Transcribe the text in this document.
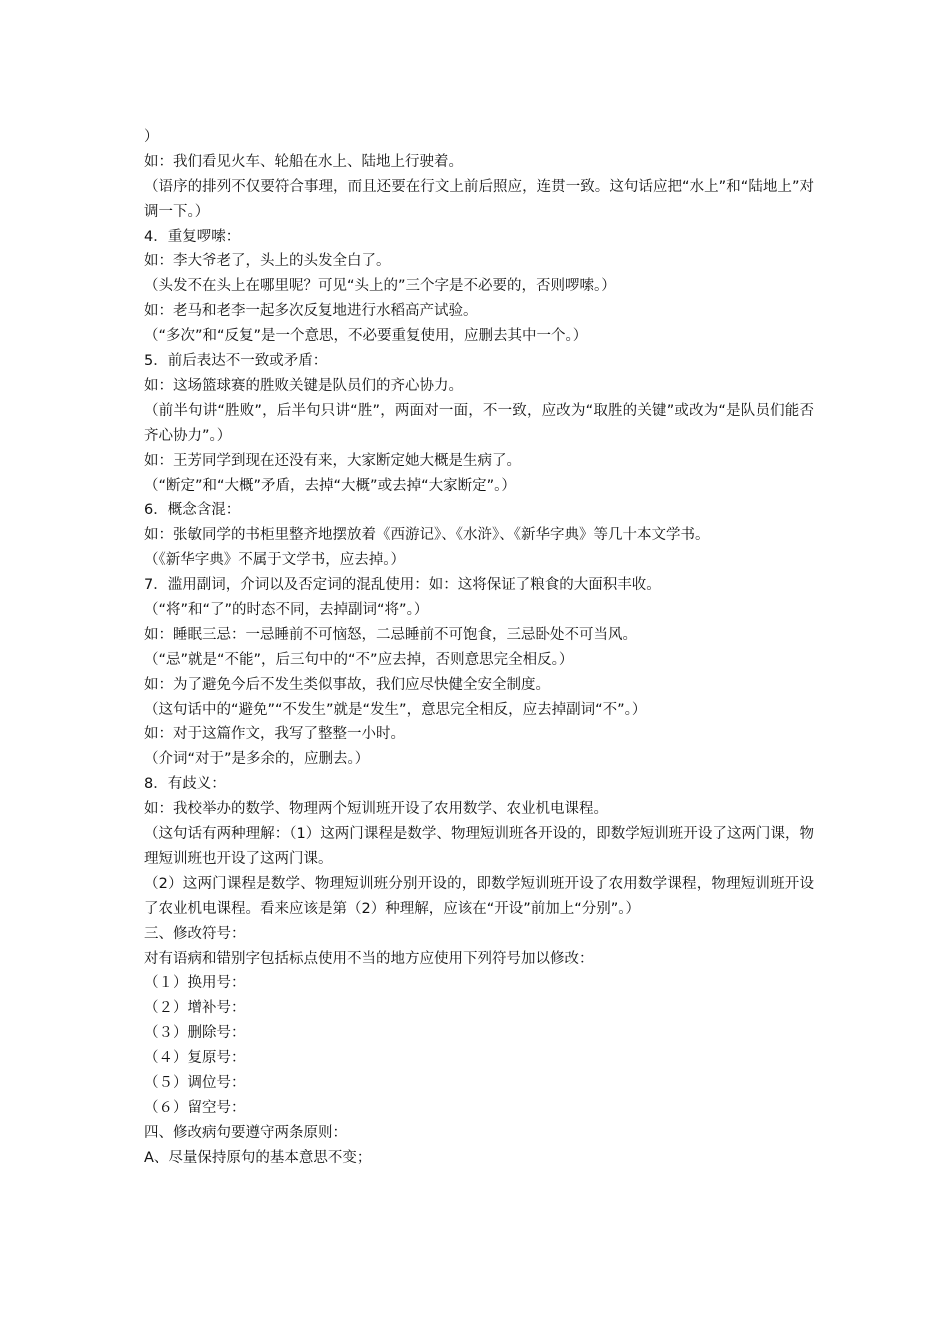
）
如：我们看见火车、轮船在水上、陆地上行驶着。
（语序的排列不仅要符合事理，而且还要在行文上前后照应，连贯一致。这句话应把“水上”和“陆地上”对调一下。）
4．重复啰嗦：
如：李大爷老了，头上的头发全白了。
（头发不在头上在哪里呢？可见“头上的”三个字是不必要的，否则啰嗦。）
如：老马和老李一起多次反复地进行水稻高产试验。
（“多次”和“反复”是一个意思，不必要重复使用，应删去其中一个。）
5．前后表达不一致或矛盾：
如：这场篮球赛的胜败关键是队员们的齐心协力。
（前半句讲“胜败”，后半句只讲“胜”，两面对一面，不一致，应改为“取胜的关键”或改为“是队员们能否齐心协力”。）
如：王芳同学到现在还没有来，大家断定她大概是生病了。
（“断定”和“大概”矛盾，去掉“大概”或去掉“大家断定”。）
6．概念含混：
如：张敏同学的书柜里整齐地摆放着《西游记》、《水浒》、《新华字典》等几十本文学书。
（《新华字典》不属于文学书，应去掉。）
7．滥用副词，介词以及否定词的混乱使用：如：这将保证了粮食的大面积丰收。
（“将”和“了”的时态不同，去掉副词“将”。）
如：睡眠三忌：一忌睡前不可恼怒，二忌睡前不可饱食，三忌卧处不可当风。
（“忌”就是“不能”，后三句中的“不”应去掉，否则意思完全相反。）
如：为了避免今后不发生类似事故，我们应尽快健全安全制度。
（这句话中的“避免”“不发生”就是“发生”，意思完全相反，应去掉副词“不”。）
如：对于这篇作文，我写了整整一小时。
（介词“对于”是多余的，应删去。）
8．有歧义：
如：我校举办的数学、物理两个短训班开设了农用数学、农业机电课程。
（这句话有两种理解：（1）这两门课程是数学、物理短训班各开设的，即数学短训班开设了这两门课，物理短训班也开设了这两门课。
（2）这两门课程是数学、物理短训班分别开设的，即数学短训班开设了农用数学课程，物理短训班开设了农业机电课程。看来应该是第（2）种理解，应该在“开设”前加上“分别”。）
三、修改符号：
对有语病和错别字包括标点使用不当的地方应使用下列符号加以修改：
（１）换用号：
（２）增补号：
（３）删除号：
（４）复原号：
（５）调位号：
（６）留空号：
四、修改病句要遵守两条原则：
A、尽量保持原句的基本意思不变；
